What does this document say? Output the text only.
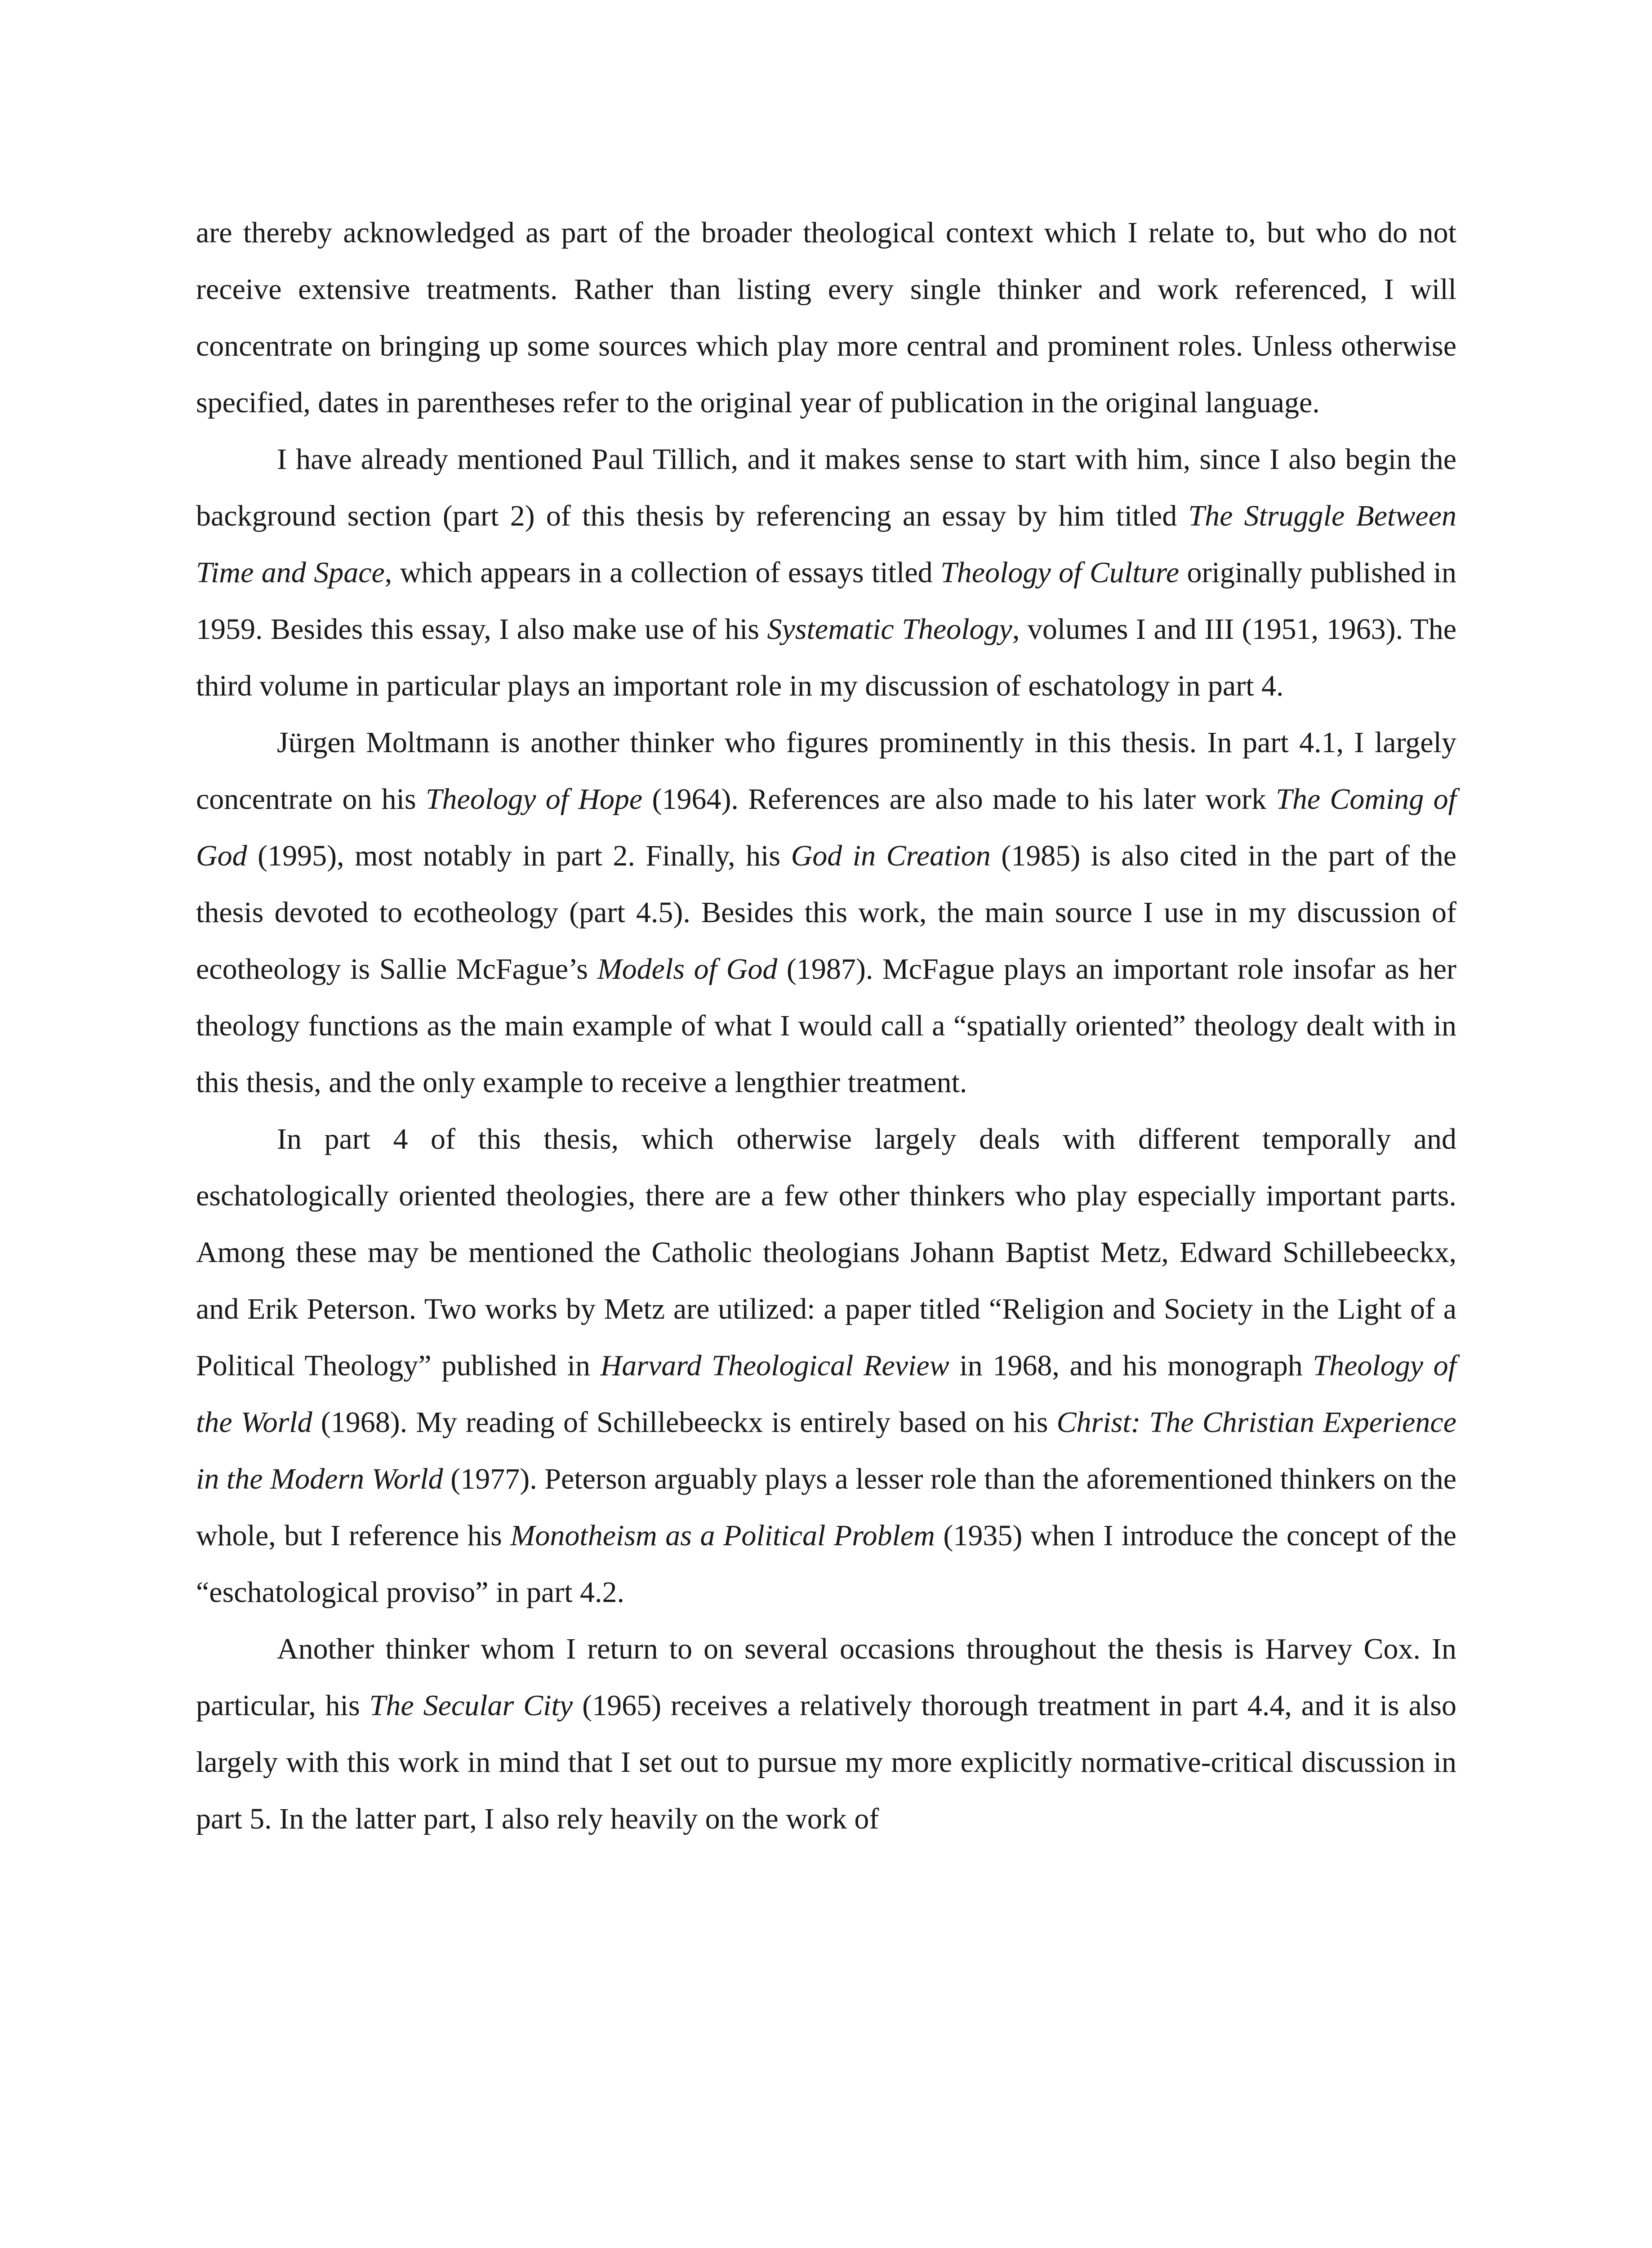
are thereby acknowledged as part of the broader theological context which I relate to, but who do not receive extensive treatments. Rather than listing every single thinker and work referenced, I will concentrate on bringing up some sources which play more central and prominent roles. Unless otherwise specified, dates in parentheses refer to the original year of publication in the original language.

I have already mentioned Paul Tillich, and it makes sense to start with him, since I also begin the background section (part 2) of this thesis by referencing an essay by him titled The Struggle Between Time and Space, which appears in a collection of essays titled Theology of Culture originally published in 1959. Besides this essay, I also make use of his Systematic Theology, volumes I and III (1951, 1963). The third volume in particular plays an important role in my discussion of eschatology in part 4.

Jürgen Moltmann is another thinker who figures prominently in this thesis. In part 4.1, I largely concentrate on his Theology of Hope (1964). References are also made to his later work The Coming of God (1995), most notably in part 2. Finally, his God in Creation (1985) is also cited in the part of the thesis devoted to ecotheology (part 4.5). Besides this work, the main source I use in my discussion of ecotheology is Sallie McFague’s Models of God (1987). McFague plays an important role insofar as her theology functions as the main example of what I would call a “spatially oriented” theology dealt with in this thesis, and the only example to receive a lengthier treatment.

In part 4 of this thesis, which otherwise largely deals with different temporally and eschatologically oriented theologies, there are a few other thinkers who play especially important parts. Among these may be mentioned the Catholic theologians Johann Baptist Metz, Edward Schillebeeckx, and Erik Peterson. Two works by Metz are utilized: a paper titled “Religion and Society in the Light of a Political Theology” published in Harvard Theological Review in 1968, and his monograph Theology of the World (1968). My reading of Schillebeeckx is entirely based on his Christ: The Christian Experience in the Modern World (1977). Peterson arguably plays a lesser role than the aforementioned thinkers on the whole, but I reference his Monotheism as a Political Problem (1935) when I introduce the concept of the “eschatological proviso” in part 4.2.

Another thinker whom I return to on several occasions throughout the thesis is Harvey Cox. In particular, his The Secular City (1965) receives a relatively thorough treatment in part 4.4, and it is also largely with this work in mind that I set out to pursue my more explicitly normative-critical discussion in part 5. In the latter part, I also rely heavily on the work of
